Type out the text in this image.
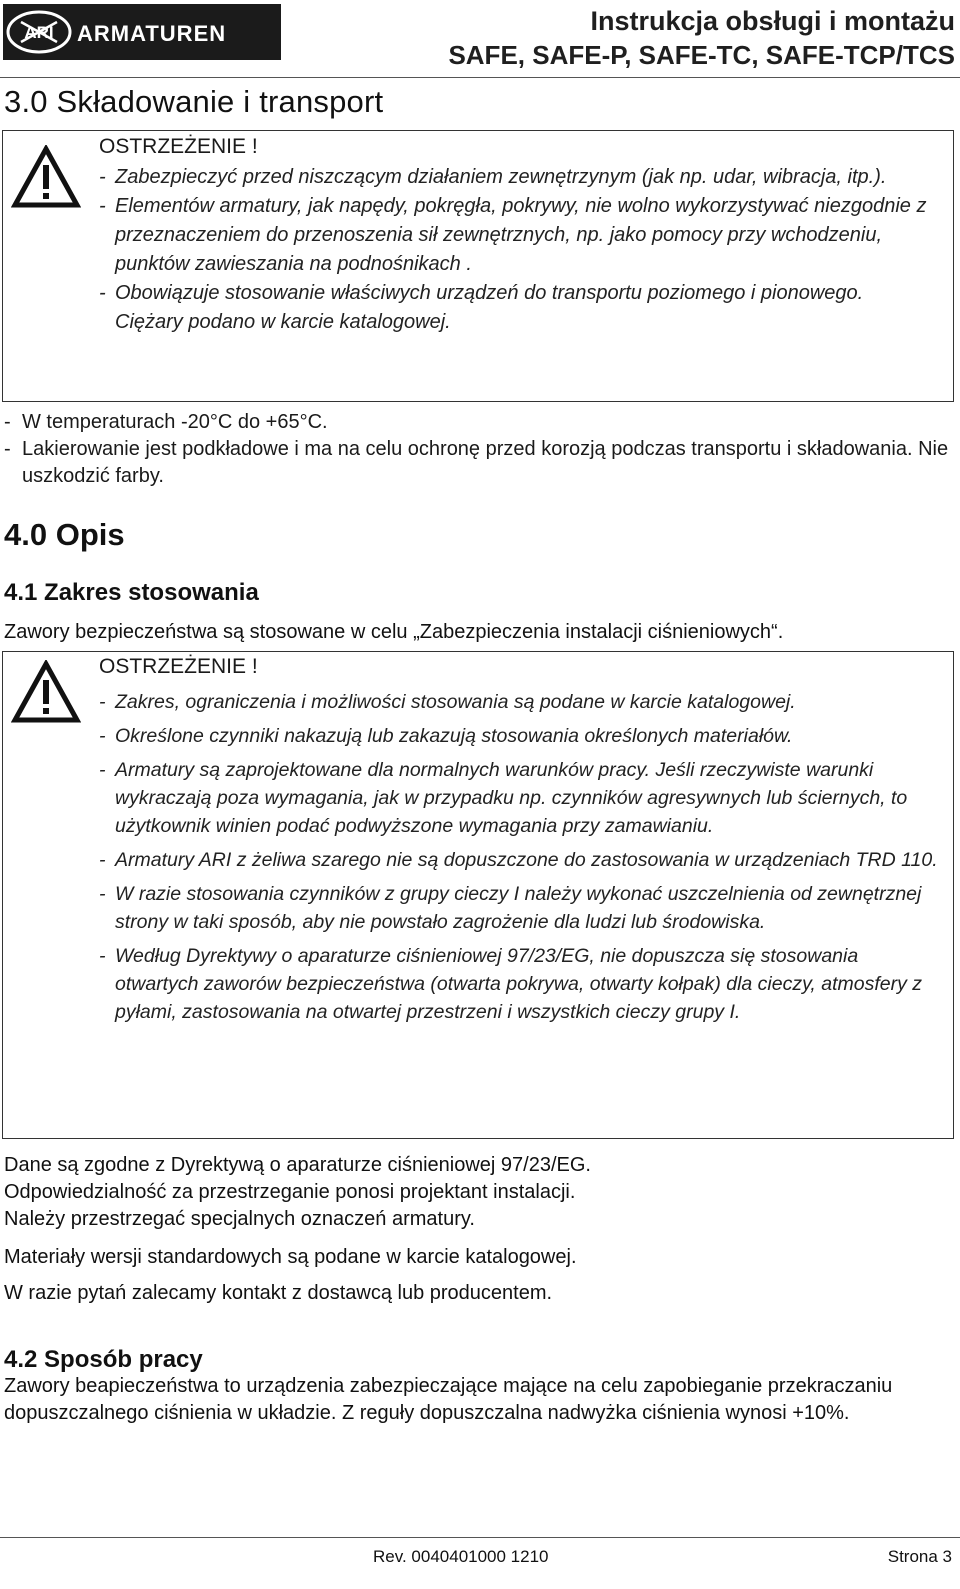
ARI ARMATUREN	Instrukcja obsługi i montażu
SAFE, SAFE-P, SAFE-TC, SAFE-TCP/TCS
3.0 Składowanie i transport
OSTRZEŻENIE !
- Zabezpieczyć przed niszczącym działaniem zewnętrzynym (jak np. udar, wibracja, itp.).
- Elementów armatury, jak napędy, pokręgła, pokrywy, nie wolno wykorzystywać niezgodnie z przeznaczeniem do przenoszenia sił zewnętrznych, np. jako pomocy przy wchodzeniu, punktów zawieszania na podnośnikach .
- Obowiązuje stosowanie właściwych urządzeń do transportu poziomego i pionowego.
Ciężary podano w karcie katalogowej.
- W temperaturach -20°C do +65°C.
- Lakierowanie jest podkładowe i ma na celu ochronę przed korozją podczas transportu i składowania. Nie uszkodzić farby.
4.0 Opis
4.1 Zakres stosowania

Zawory bezpieczeństwa są stosowane w celu „Zabezpieczenia instalacji ciśnieniowych“.

OSTRZEŻENIE !
- Zakres, ograniczenia i możliwości stosowania są podane w karcie katalogowej.
- Określone czynniki nakazują lub zakazują stosowania określonych materiałów.
- Armatury są zaprojektowane dla normalnych warunków pracy. Jeśli rzeczywiste warunki wykraczają poza wymagania, jak w przypadku np. czynników agresywnych lub ściernych, to użytkownik winien podać podwyższone wymagania przy zamawianiu.
- Armatury ARI z żeliwa szarego nie są dopuszczone do zastosowania w urządzeniach TRD 110.
- W razie stosowania czynników z grupy cieczy I należy wykonać uszczelnienia od zewnętrznej strony w taki sposób, aby nie powstało zagrożenie dla ludzi lub środowiska.
- Według Dyrektywy o aparaturze ciśnieniowej 97/23/EG, nie dopuszcza się stosowania otwartych zaworów bezpieczeństwa (otwarta pokrywa, otwarty kołpak) dla cieczy, atmosfery z pyłami, zastosowania na otwartej przestrzeni i wszystkich cieczy grupy I.

Dane są zgodne z Dyrektywą o aparaturze ciśnieniowej 97/23/EG.

Odpowiedzialność za przestrzeganie ponosi projektant instalacji.

Należy przestrzegać specjalnych oznaczeń armatury.

Materiały wersji standardowych są podane w karcie katalogowej.

W razie pytań zalecamy kontakt z dostawcą lub producentem.

4.2 Sposób pracy

Zawory beapieczeństwa to urządzenia zabezpieczające mające na celu zapobieganie przekraczaniu dopuszczalnego ciśnienia w układzie. Z reguły dopuszczalna nadwyżka ciśnienia wynosi +10%.

Rev. 0040401000 1210	Strona 3
